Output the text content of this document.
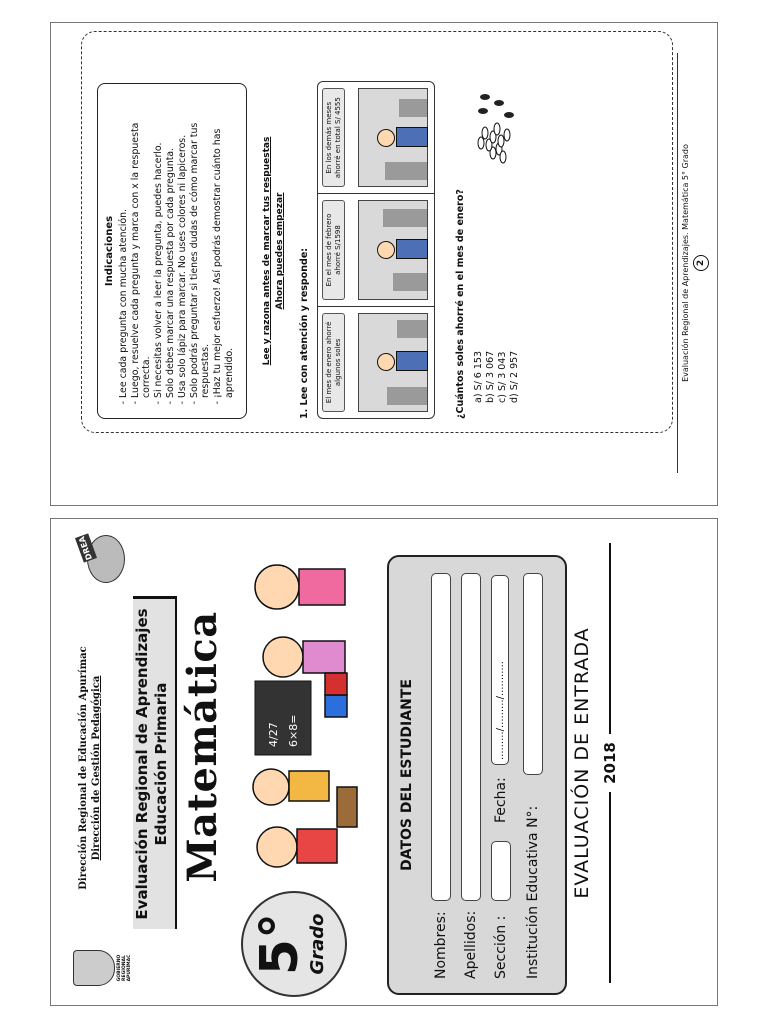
Indicaciones - Lee cada pregunta con mucha atención. - Luego, resuelve cada pregunta y marca con x la respuesta correcta. - Si necesitas volver a leer la pregunta, puedes hacerlo. - Solo debes marcar una respuesta por cada pregunta. - Usa solo lápiz para marcar. No uses colores ni lapiceros. - Solo podrás preguntar si tienes dudas de cómo marcar tus respuestas. - ¡Haz tu mejor esfuerzo! Así podrás demostrar cuánto has aprendido.
Lee y razona antes de marcar tus respuestas Ahora puedes empezar 1. Lee con atención y responde:	El mes de enero ahorré algunos soles
En el mes de febrero ahorré S/1598
En los demás meses ahorré en total S/ 4555
¿Cuántos soles ahorré en el mes de enero? a) S/ 6 153 b) S/ 3 067 c) S/ 3 043 d) S/ 2 957	Evaluación Regional de Aprendizajes. Matemática 5° Grado 2
GOBIERNO REGIONAL APURÍMAC
Dirección Regional de Educación Apurímac Dirección de Gestión Pedagógica
DREA
Evaluación Regional de Aprendizajes Educación Primaria Matemática
5°
Grado
4/27 6×8=	DATOS DEL ESTUDIANTE
Nombres: Apellidos: Sección :
Fecha:
........./........./...........
Institución Educativa N°: EVALUACIÓN DE ENTRADA 2018
